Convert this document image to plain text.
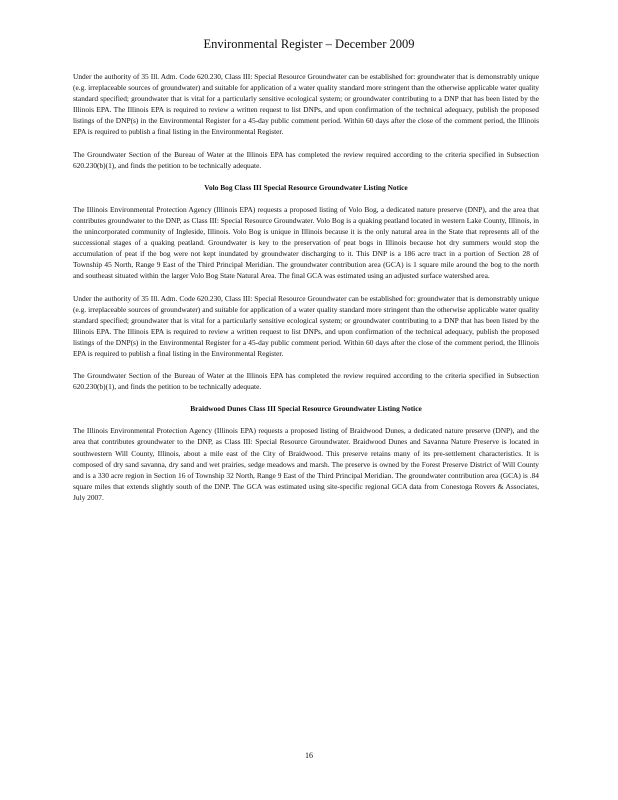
Environmental Register – December 2009

Under the authority of 35 Ill. Adm. Code 620.230, Class III: Special Resource Groundwater can be established for: groundwater that is demonstrably unique (e.g. irreplaceable sources of groundwater) and suitable for application of a water quality standard more stringent than the otherwise applicable water quality standard specified; groundwater that is vital for a particularly sensitive ecological system; or groundwater contributing to a DNP that has been listed by the Illinois EPA. The Illinois EPA is required to review a written request to list DNPs, and upon confirmation of the technical adequacy, publish the proposed listings of the DNP(s) in the Environmental Register for a 45-day public comment period. Within 60 days after the close of the comment period, the Illinois EPA is required to publish a final listing in the Environmental Register.

The Groundwater Section of the Bureau of Water at the Illinois EPA has completed the review required according to the criteria specified in Subsection 620.230(b)(1), and finds the petition to be technically adequate.

Volo Bog Class III Special Resource Groundwater Listing Notice

The Illinois Environmental Protection Agency (Illinois EPA) requests a proposed listing of Volo Bog, a dedicated nature preserve (DNP), and the area that contributes groundwater to the DNP, as Class III: Special Resource Groundwater. Volo Bog is a quaking peatland located in western Lake County, Illinois, in the unincorporated community of Ingleside, Illinois. Volo Bog is unique in Illinois because it is the only natural area in the State that represents all of the successional stages of a quaking peatland. Groundwater is key to the preservation of peat bogs in Illinois because hot dry summers would stop the accumulation of peat if the bog were not kept inundated by groundwater discharging to it. This DNP is a 186 acre tract in a portion of Section 28 of Township 45 North, Range 9 East of the Third Principal Meridian. The groundwater contribution area (GCA) is 1 square mile around the bog to the north and southeast situated within the larger Volo Bog State Natural Area. The final GCA was estimated using an adjusted surface watershed area.

Under the authority of 35 Ill. Adm. Code 620.230, Class III: Special Resource Groundwater can be established for: groundwater that is demonstrably unique (e.g. irreplaceable sources of groundwater) and suitable for application of a water quality standard more stringent than the otherwise applicable water quality standard specified; groundwater that is vital for a particularly sensitive ecological system; or groundwater contributing to a DNP that has been listed by the Illinois EPA. The Illinois EPA is required to review a written request to list DNPs, and upon confirmation of the technical adequacy, publish the proposed listings of the DNP(s) in the Environmental Register for a 45-day public comment period. Within 60 days after the close of the comment period, the Illinois EPA is required to publish a final listing in the Environmental Register.

The Groundwater Section of the Bureau of Water at the Illinois EPA has completed the review required according to the criteria specified in Subsection 620.230(b)(1), and finds the petition to be technically adequate.

Braidwood Dunes Class III Special Resource Groundwater Listing Notice

The Illinois Environmental Protection Agency (Illinois EPA) requests a proposed listing of Braidwood Dunes, a dedicated nature preserve (DNP), and the area that contributes groundwater to the DNP, as Class III: Special Resource Groundwater. Braidwood Dunes and Savanna Nature Preserve is located in southwestern Will County, Illinois, about a mile east of the City of Braidwood. This preserve retains many of its pre-settlement characteristics. It is composed of dry sand savanna, dry sand and wet prairies, sedge meadows and marsh. The preserve is owned by the Forest Preserve District of Will County and is a 330 acre region in Section 16 of Township 32 North, Range 9 East of the Third Principal Meridian. The groundwater contribution area (GCA) is .84 square miles that extends slightly south of the DNP. The GCA was estimated using site-specific regional GCA data from Conestoga Rovers & Associates, July 2007.

16
